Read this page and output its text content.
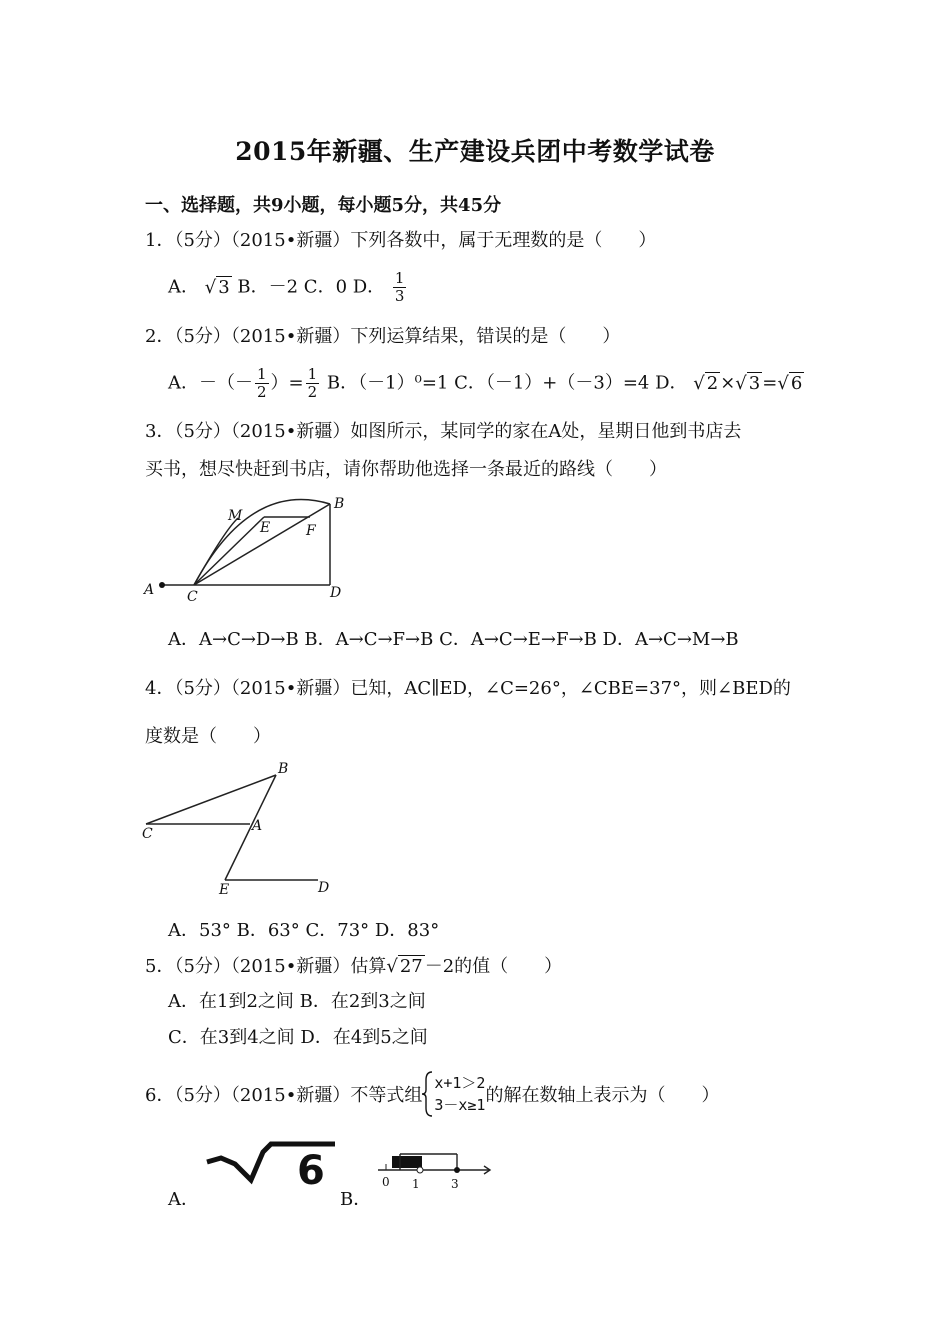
2015年新疆、生产建设兵团中考数学试卷
一、选择题，共9小题，每小题5分，共45分
1．（5分）（2015•新疆）下列各数中，属于无理数的是（　　）
A． √ 3 B．－2 C．0 D． $\frac{1}{3}$
2．（5分）（2015•新疆）下列运算结果，错误的是（　　）
A．－（－ $\frac{1}{2}$ ）= $\frac{1}{2}$ B．（－1）⁰=1 C．（－1）+（－3）=4 D． √ 2 ×√ 3 =√ 6
3．（5分）（2015•新疆）如图所示，某同学的家在A处，星期日他到书店去
买书，想尽快赶到书店，请你帮助他选择一条最近的路线（　　）
A
B
C	D
E	F
M
A．A→C→D→B B．A→C→F→B C．A→C→E→F→B D．A→C→M→B
4．（5分）（2015•新疆）已知，AC∥ED，∠C=26°，∠CBE=37°，则∠BED的
度数是（　　）
B
C	A
E	D
A．53° B．63° C．73° D．83°
5．（5分）（2015•新疆）估算√ 27 －2的值（　　）
A．在1到2之间 B．在2到3之间
C．在3到4之间 D．在4到5之间
6．（5分）（2015•新疆）不等式组
x+1＞2
3－x≥1 的解在数轴上表示为（　　）
A．
6
B．
0 1	3
